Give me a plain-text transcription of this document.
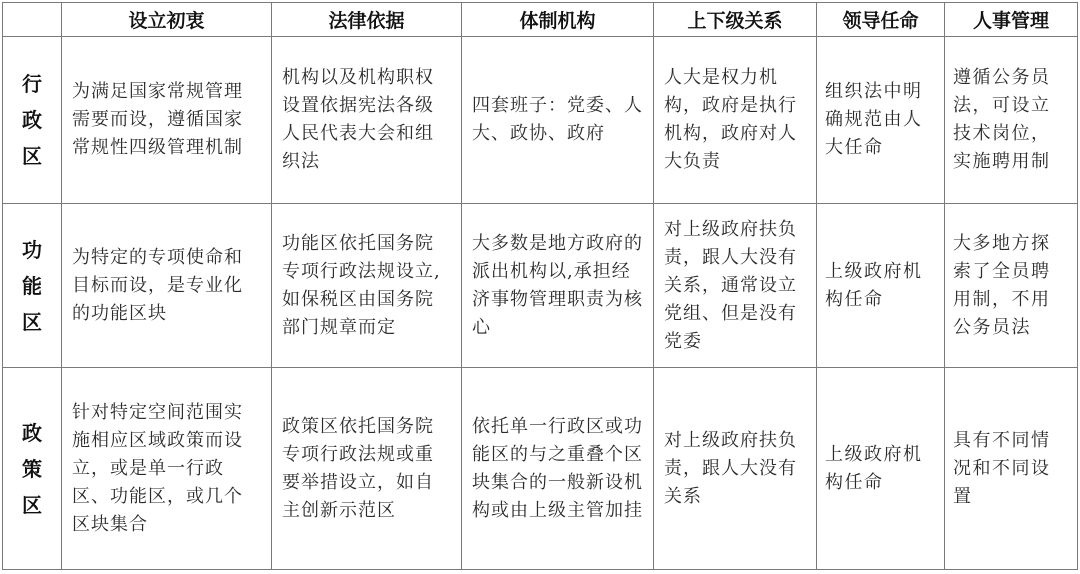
	设立初衷	法律依据	体制机构	上下级关系	领导任命	人事管理
行政区	为满足国家常规管理需要而设，遵循国家常规性四级管理机制	机构以及机构职权设置依据宪法各级人民代表大会和组织法	四套班子：党委、人大、政协、政府	人大是权力机构，政府是执行机构，政府对人大负责	组织法中明确规范由人大任命	遵循公务员法，可设立技术岗位，实施聘用制
功能区	为特定的专项使命和目标而设，是专业化的功能区块	功能区依托国务院专项行政法规设立,如保税区由国务院部门规章而定	大多数是地方政府的派出机构以,承担经济事物管理职责为核心	对上级政府扶负责，跟人大没有关系，通常设立党组、但是没有党委	上级政府机构任命	大多地方探索了全员聘用制，不用公务员法
政策区	针对特定空间范围实施相应区域政策而设立，或是单一行政区、功能区，或几个区块集合	政策区依托国务院专项行政法规或重要举措设立，如自主创新示范区	依托单一行政区或功能区的与之重叠个区块集合的一般新设机构或由上级主管加挂	对上级政府扶负责，跟人大没有关系	上级政府机构任命	具有不同情况和不同设置
